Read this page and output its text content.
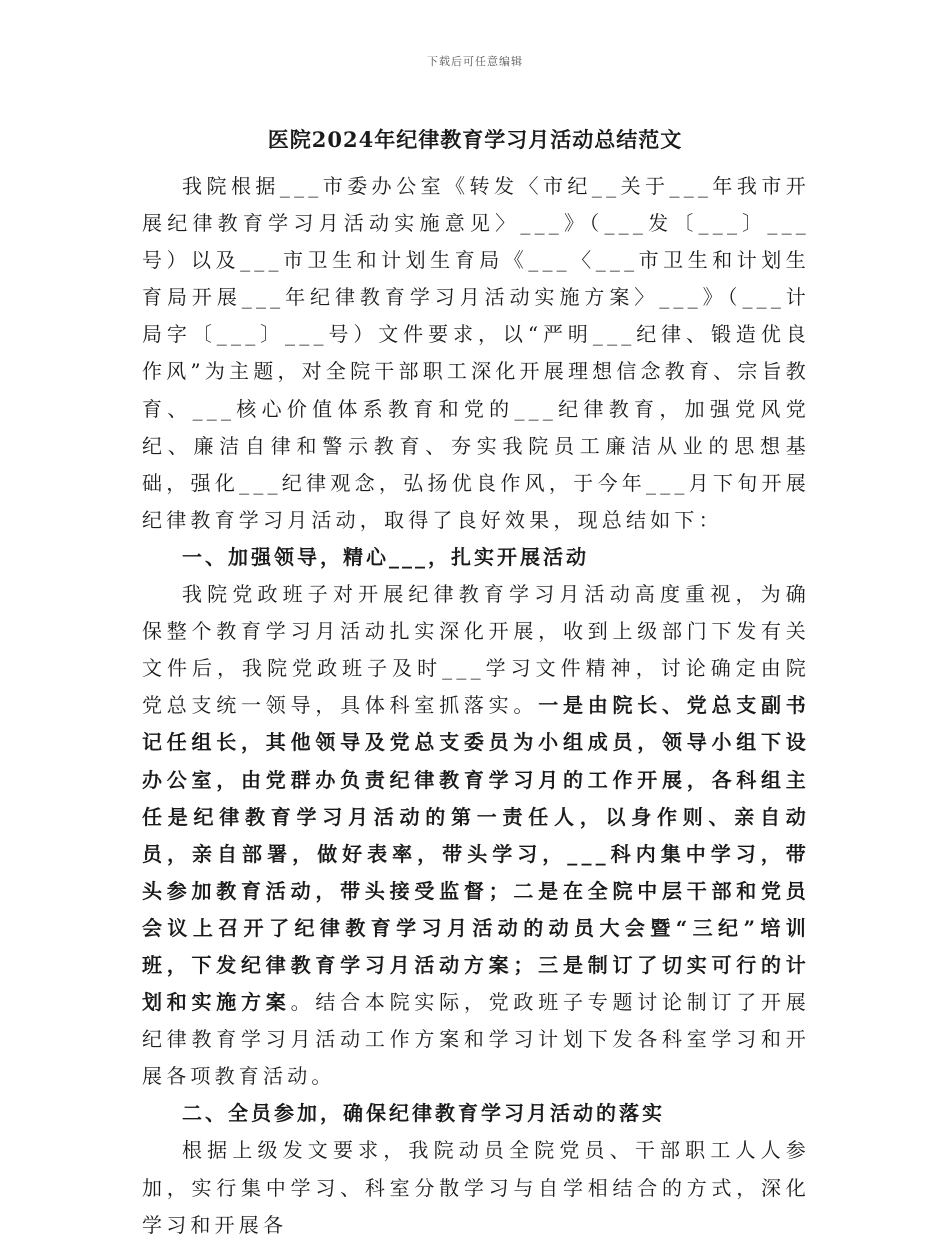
下载后可任意编辑
医院2024年纪律教育学习月活动总结范文

我院根据___市委办公室《转发〈市纪__关于___年我市开展纪律教育学习月活动实施意见〉___》（___发〔___〕___号）以及___市卫生和计划生育局《___〈___市卫生和计划生育局开展___年纪律教育学习月活动实施方案〉___》（___计局字〔___〕___号）文件要求，以“严明___纪律、锻造优良作风”为主题，对全院干部职工深化开展理想信念教育、宗旨教育、___核心价值体系教育和党的___纪律教育，加强党风党纪、廉洁自律和警示教育、夯实我院员工廉洁从业的思想基础，强化___纪律观念，弘扬优良作风，于今年___月下旬开展纪律教育学习月活动，取得了良好效果，现总结如下：

一、加强领导，精心___，扎实开展活动

我院党政班子对开展纪律教育学习月活动高度重视，为确保整个教育学习月活动扎实深化开展，收到上级部门下发有关文件后，我院党政班子及时___学习文件精神，讨论确定由院党总支统一领导，具体科室抓落实。一是由院长、党总支副书记任组长，其他领导及党总支委员为小组成员，领导小组下设办公室，由党群办负责纪律教育学习月的工作开展，各科组主任是纪律教育学习月活动的第一责任人，以身作则、亲自动员，亲自部署，做好表率，带头学习，___科内集中学习，带头参加教育活动，带头接受监督；二是在全院中层干部和党员会议上召开了纪律教育学习月活动的动员大会暨“三纪”培训班，下发纪律教育学习月活动方案；三是制订了切实可行的计划和实施方案。结合本院实际，党政班子专题讨论制订了开展纪律教育学习月活动工作方案和学习计划下发各科室学习和开展各项教育活动。

二、全员参加，确保纪律教育学习月活动的落实

根据上级发文要求，我院动员全院党员、干部职工人人参加，实行集中学习、科室分散学习与自学相结合的方式，深化学习和开展各
